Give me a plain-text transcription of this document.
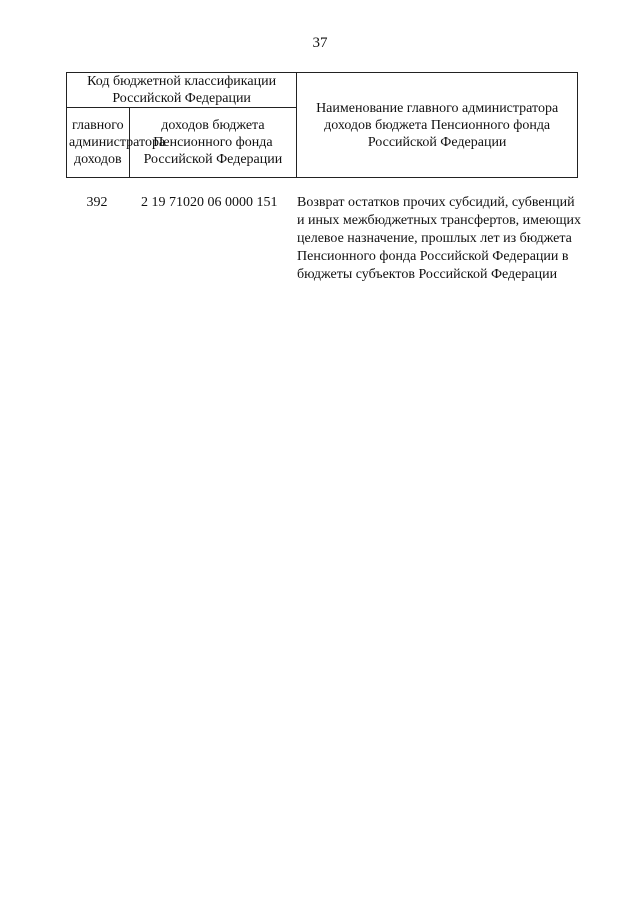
37
Код бюджетной классификации Российской Федерации		Наименование главного администратора доходов бюджета Пенсионного фонда Российской Федерации
главного администратора доходов	доходов бюджета Пенсионного фонда Российской Федерации	
392	2 19 71020 06 0000 151	Возврат остатков прочих субсидий, субвенций и иных межбюджетных трансфертов, имеющих целевое назначение, прошлых лет из бюджета Пенсионного фонда Российской Федерации в бюджеты субъектов Российской Федерации
